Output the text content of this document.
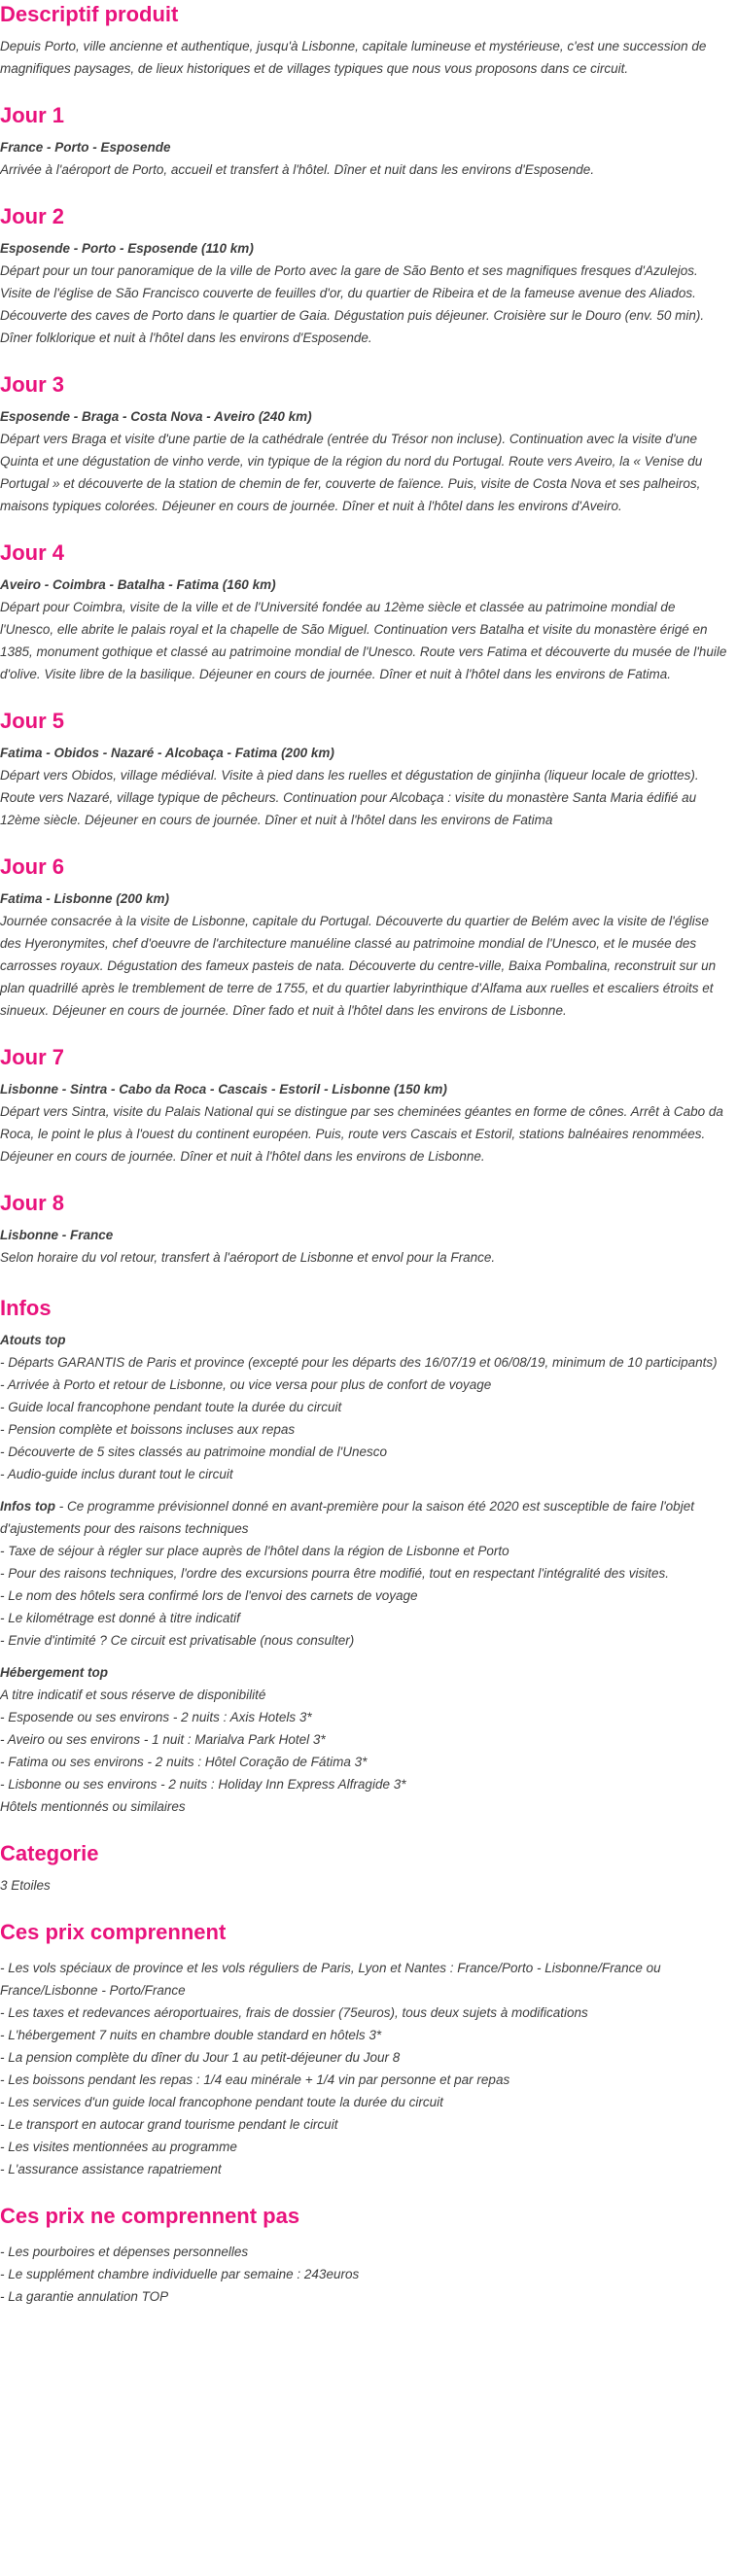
Descriptif produit

Depuis Porto, ville ancienne et authentique, jusqu'à Lisbonne, capitale lumineuse et mystérieuse, c'est une succession de magnifiques paysages, de lieux historiques et de villages typiques que nous vous proposons dans ce circuit.

Jour 1

France - Porto - Esposende

Arrivée à l'aéroport de Porto, accueil et transfert à l'hôtel. Dîner et nuit dans les environs d'Esposende.

Jour 2

Esposende - Porto - Esposende (110 km)

Départ pour un tour panoramique de la ville de Porto avec la gare de São Bento et ses magnifiques fresques d'Azulejos. Visite de l'église de São Francisco couverte de feuilles d'or, du quartier de Ribeira et de la fameuse avenue des Aliados. Découverte des caves de Porto dans le quartier de Gaia. Dégustation puis déjeuner. Croisière sur le Douro (env. 50 min). Dîner folklorique et nuit à l'hôtel dans les environs d'Esposende.

Jour 3

Esposende - Braga - Costa Nova - Aveiro (240 km)

Départ vers Braga et visite d'une partie de la cathédrale (entrée du Trésor non incluse). Continuation avec la visite d'une Quinta et une dégustation de vinho verde, vin typique de la région du nord du Portugal. Route vers Aveiro, la « Venise du Portugal » et découverte de la station de chemin de fer, couverte de faïence. Puis, visite de Costa Nova et ses palheiros, maisons typiques colorées. Déjeuner en cours de journée. Dîner et nuit à l'hôtel dans les environs d'Aveiro.

Jour 4

Aveiro - Coimbra - Batalha - Fatima (160 km)

Départ pour Coimbra, visite de la ville et de l'Université fondée au 12ème siècle et classée au patrimoine mondial de l'Unesco, elle abrite le palais royal et la chapelle de São Miguel. Continuation vers Batalha et visite du monastère érigé en 1385, monument gothique et classé au patrimoine mondial de l'Unesco. Route vers Fatima et découverte du musée de l'huile d'olive. Visite libre de la basilique. Déjeuner en cours de journée. Dîner et nuit à l'hôtel dans les environs de Fatima.

Jour 5

Fatima - Obidos - Nazaré - Alcobaça - Fatima (200 km)

Départ vers Obidos, village médiéval. Visite à pied dans les ruelles et dégustation de ginjinha (liqueur locale de griottes). Route vers Nazaré, village typique de pêcheurs. Continuation pour Alcobaça : visite du monastère Santa Maria édifié au 12ème siècle. Déjeuner en cours de journée. Dîner et nuit à l'hôtel dans les environs de Fatima

Jour 6

Fatima - Lisbonne (200 km)

Journée consacrée à la visite de Lisbonne, capitale du Portugal. Découverte du quartier de Belém avec la visite de l'église des Hyeronymites, chef d'oeuvre de l'architecture manuéline classé au patrimoine mondial de l'Unesco, et le musée des carrosses royaux. Dégustation des fameux pasteis de nata. Découverte du centre-ville, Baixa Pombalina, reconstruit sur un plan quadrillé après le tremblement de terre de 1755, et du quartier labyrinthique d'Alfama aux ruelles et escaliers étroits et sinueux. Déjeuner en cours de journée. Dîner fado et nuit à l'hôtel dans les environs de Lisbonne.

Jour 7

Lisbonne - Sintra - Cabo da Roca - Cascais - Estoril - Lisbonne (150 km)

Départ vers Sintra, visite du Palais National qui se distingue par ses cheminées géantes en forme de cônes. Arrêt à Cabo da Roca, le point le plus à l'ouest du continent européen. Puis, route vers Cascais et Estoril, stations balnéaires renommées. Déjeuner en cours de journée. Dîner et nuit à l'hôtel dans les environs de Lisbonne.

Jour 8

Lisbonne - France

Selon horaire du vol retour, transfert à l'aéroport de Lisbonne et envol pour la France.

Infos

Atouts top

- Départs GARANTIS de Paris et province (excepté pour les départs des 16/07/19 et 06/08/19, minimum de 10 participants)

- Arrivée à Porto et retour de Lisbonne, ou vice versa pour plus de confort de voyage

- Guide local francophone pendant toute la durée du circuit

- Pension complète et boissons incluses aux repas

- Découverte de 5 sites classés au patrimoine mondial de l'Unesco

- Audio-guide inclus durant tout le circuit

Infos top - Ce programme prévisionnel donné en avant-première pour la saison été 2020 est susceptible de faire l'objet d'ajustements pour des raisons techniques

- Taxe de séjour à régler sur place auprès de l'hôtel dans la région de Lisbonne et Porto

- Pour des raisons techniques, l'ordre des excursions pourra être modifié, tout en respectant l'intégralité des visites.

- Le nom des hôtels sera confirmé lors de l'envoi des carnets de voyage

- Le kilométrage est donné à titre indicatif

- Envie d'intimité ? Ce circuit est privatisable (nous consulter)

Hébergement top

A titre indicatif et sous réserve de disponibilité

- Esposende ou ses environs - 2 nuits : Axis Hotels 3*

- Aveiro ou ses environs - 1 nuit : Marialva Park Hotel 3*

- Fatima ou ses environs - 2 nuits : Hôtel Coração de Fátima 3*

- Lisbonne ou ses environs - 2 nuits : Holiday Inn Express Alfragide 3*

Hôtels mentionnés ou similaires

Categorie

3 Etoiles

Ces prix comprennent

- Les vols spéciaux de province et les vols réguliers de Paris, Lyon et Nantes : France/Porto - Lisbonne/France ou France/Lisbonne - Porto/France

- Les taxes et redevances aéroportuaires, frais de dossier (75euros), tous deux sujets à modifications

- L'hébergement 7 nuits en chambre double standard en hôtels 3*

- La pension complète du dîner du Jour 1 au petit-déjeuner du Jour 8

- Les boissons pendant les repas : 1/4 eau minérale + 1/4 vin par personne et par repas

- Les services d'un guide local francophone pendant toute la durée du circuit

- Le transport en autocar grand tourisme pendant le circuit

- Les visites mentionnées au programme

- L'assurance assistance rapatriement

Ces prix ne comprennent pas

- Les pourboires et dépenses personnelles

- Le supplément chambre individuelle par semaine : 243euros

- La garantie annulation TOP
